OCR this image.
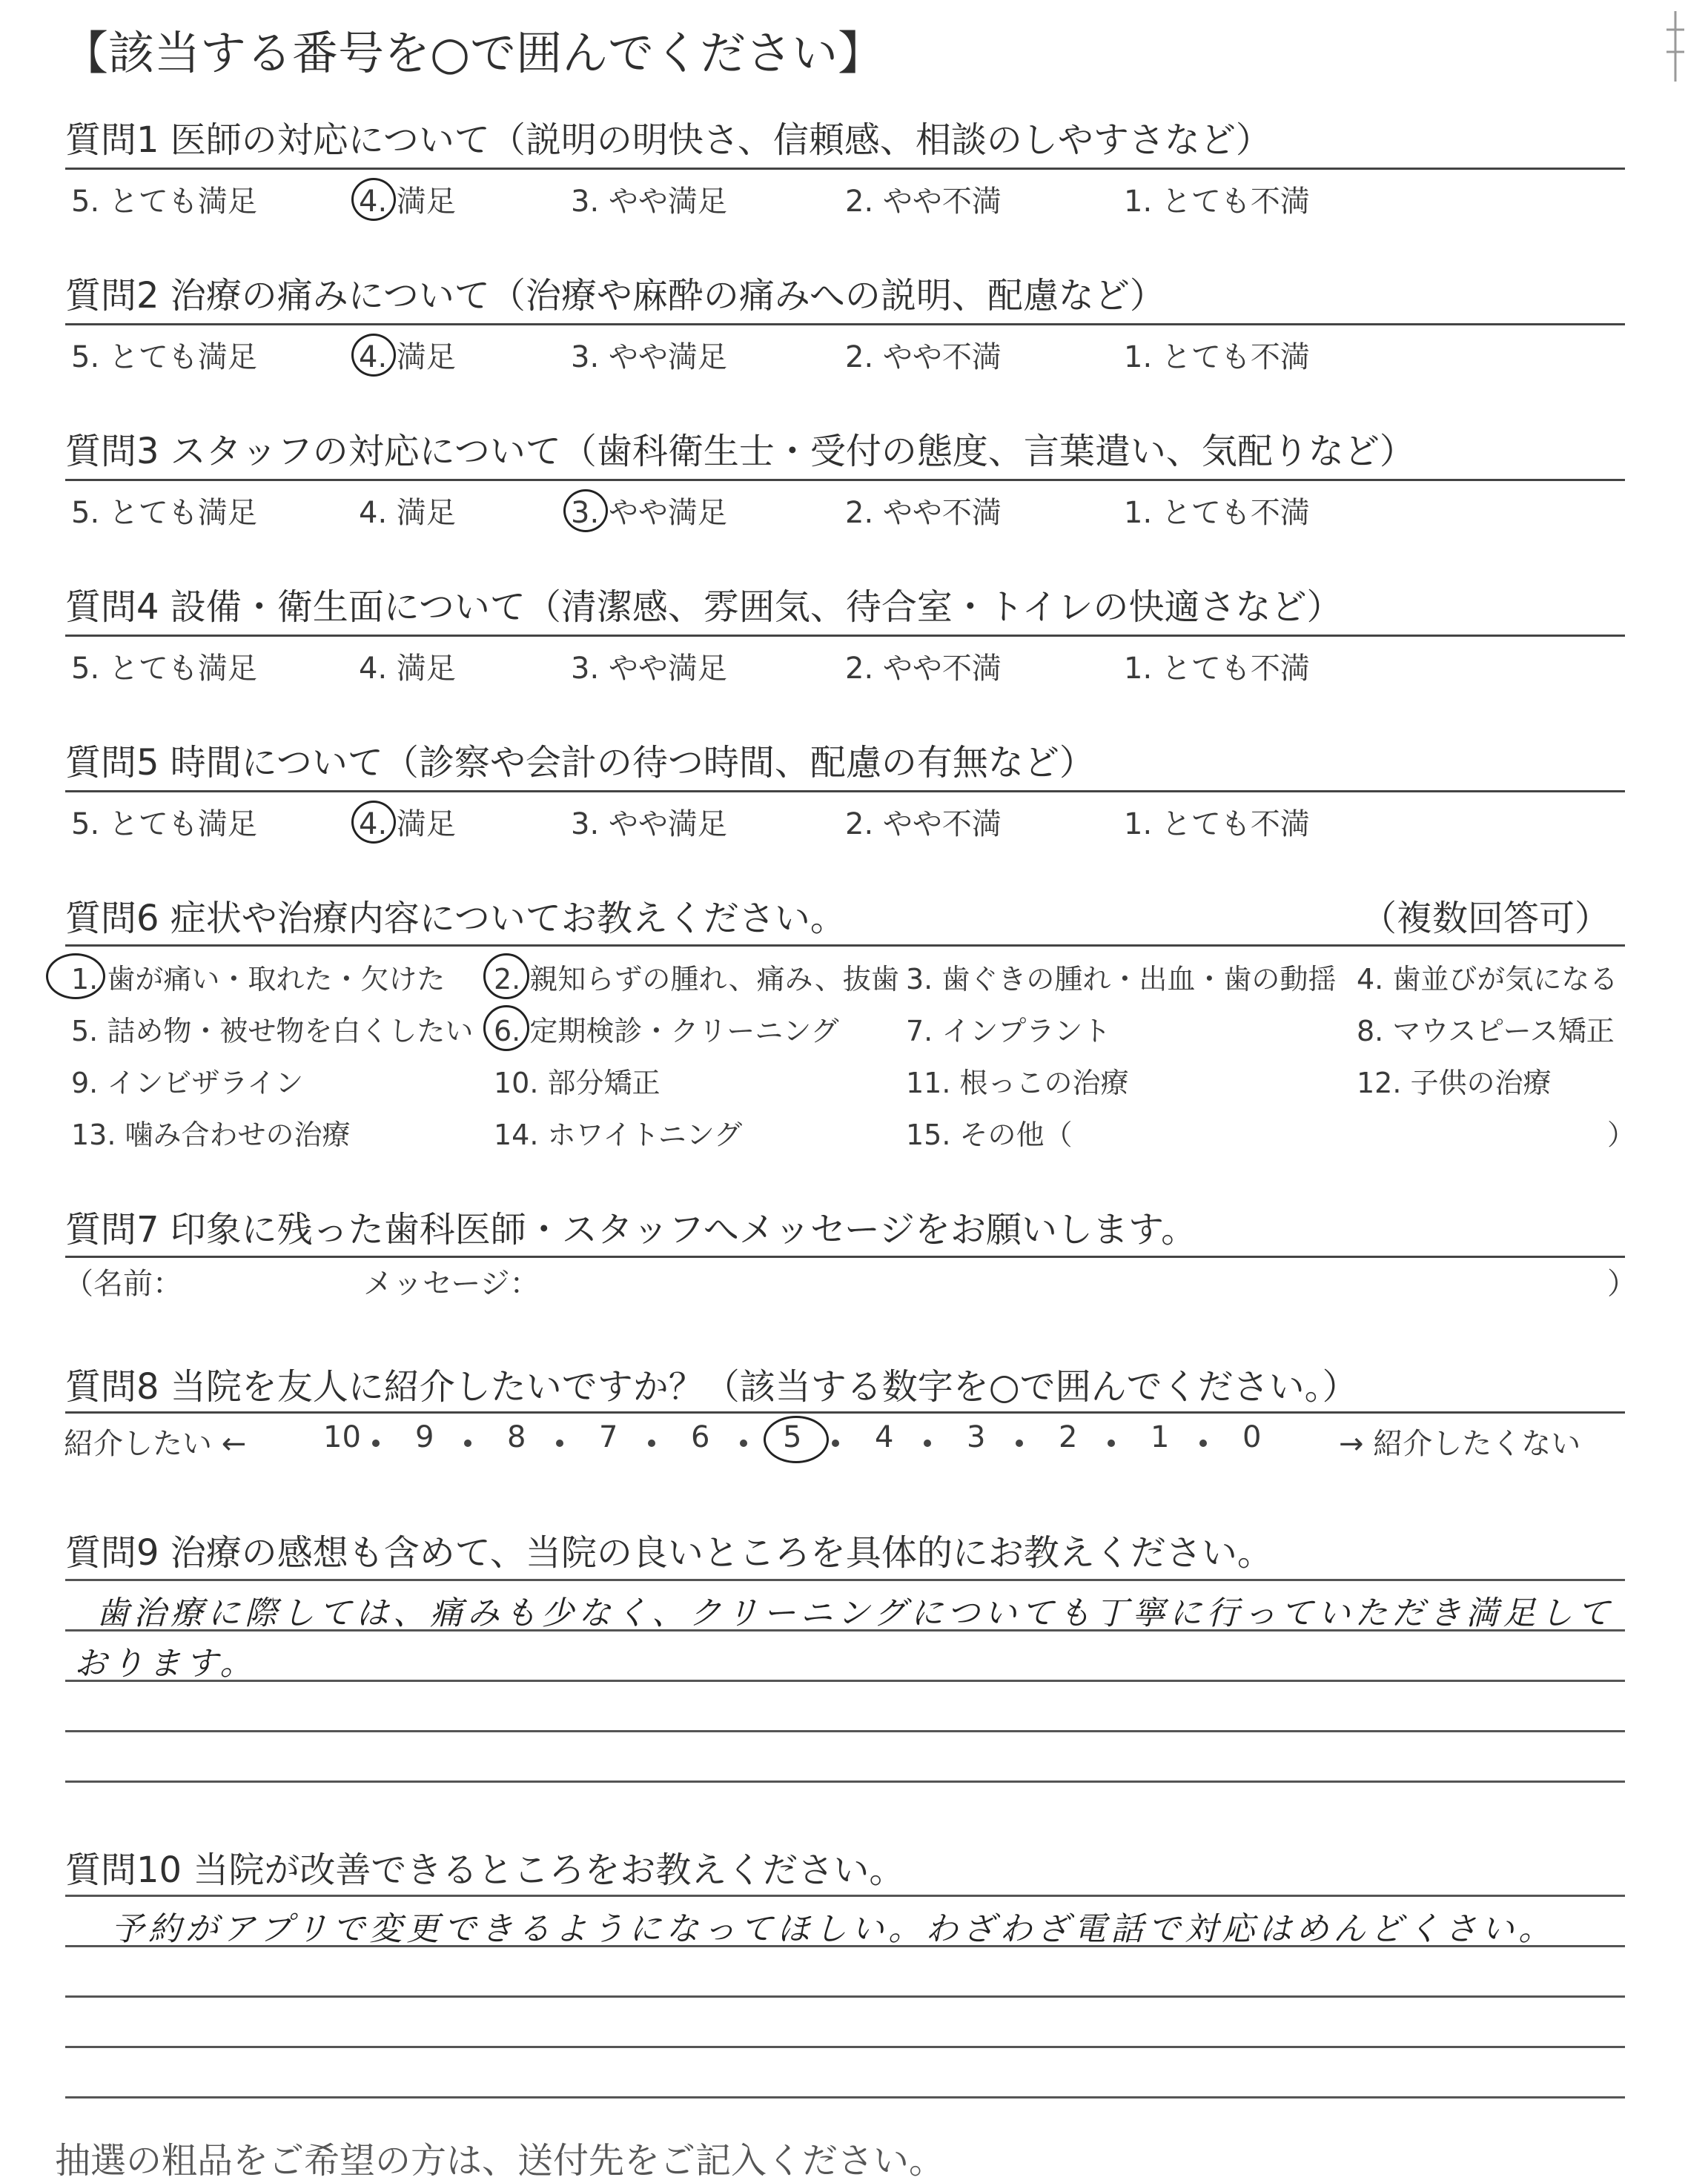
【該当する番号を○で囲んでください】
質問1 医師の対応について（説明の明快さ、信頼感、相談のしやすさなど）
5. とても満足	4. 満足	3. やや満足	2. やや不満	1. とても不満
質問2 治療の痛みについて（治療や麻酔の痛みへの説明、配慮など）
5. とても満足	4. 満足	3. やや満足	2. やや不満	1. とても不満
質問3 スタッフの対応について（歯科衛生士・受付の態度、言葉遣い、気配りなど）
5. とても満足	4. 満足	3. やや満足	2. やや不満	1. とても不満
質問4 設備・衛生面について（清潔感、雰囲気、待合室・トイレの快適さなど）
5. とても満足	4. 満足	3. やや満足	2. やや不満	1. とても不満
質問5 時間について（診察や会計の待つ時間、配慮の有無など）
5. とても満足	4. 満足	3. やや満足	2. やや不満	1. とても不満
質問6 症状や治療内容についてお教えください。	（複数回答可）
1. 歯が痛い・取れた・欠けた 2. 親知らずの腫れ、痛み、抜歯 3. 歯ぐきの腫れ・出血・歯の動揺 4. 歯並びが気になる
5. 詰め物・被せ物を白くしたい 6. 定期検診・クリーニング 7. インプラント	8. マウスピース矯正
9. インビザライン	10. 部分矯正	11. 根っこの治療	12. 子供の治療
13. 噛み合わせの治療	14. ホワイトニング	15. その他（	）
質問7 印象に残った歯科医師・スタッフへメッセージをお願いします。
（名前：	メッセージ：	）
質問8 当院を友人に紹介したいですか？（該当する数字を○で囲んでください。）
紹介したい ←	→ 紹介したくない
10 9 8 7 6 5 4 3 2 1 0
質問9 治療の感想も含めて、当院の良いところを具体的にお教えください。
歯治療に際しては、痛みも少なく、クリーニングについても丁寧に行っていただき満足して
おります。
質問10 当院が改善できるところをお教えください。
予約がアプリで変更できるようになってほしい。わざわざ電話で対応はめんどくさい。
抽選の粗品をご希望の方は、送付先をご記入ください。
